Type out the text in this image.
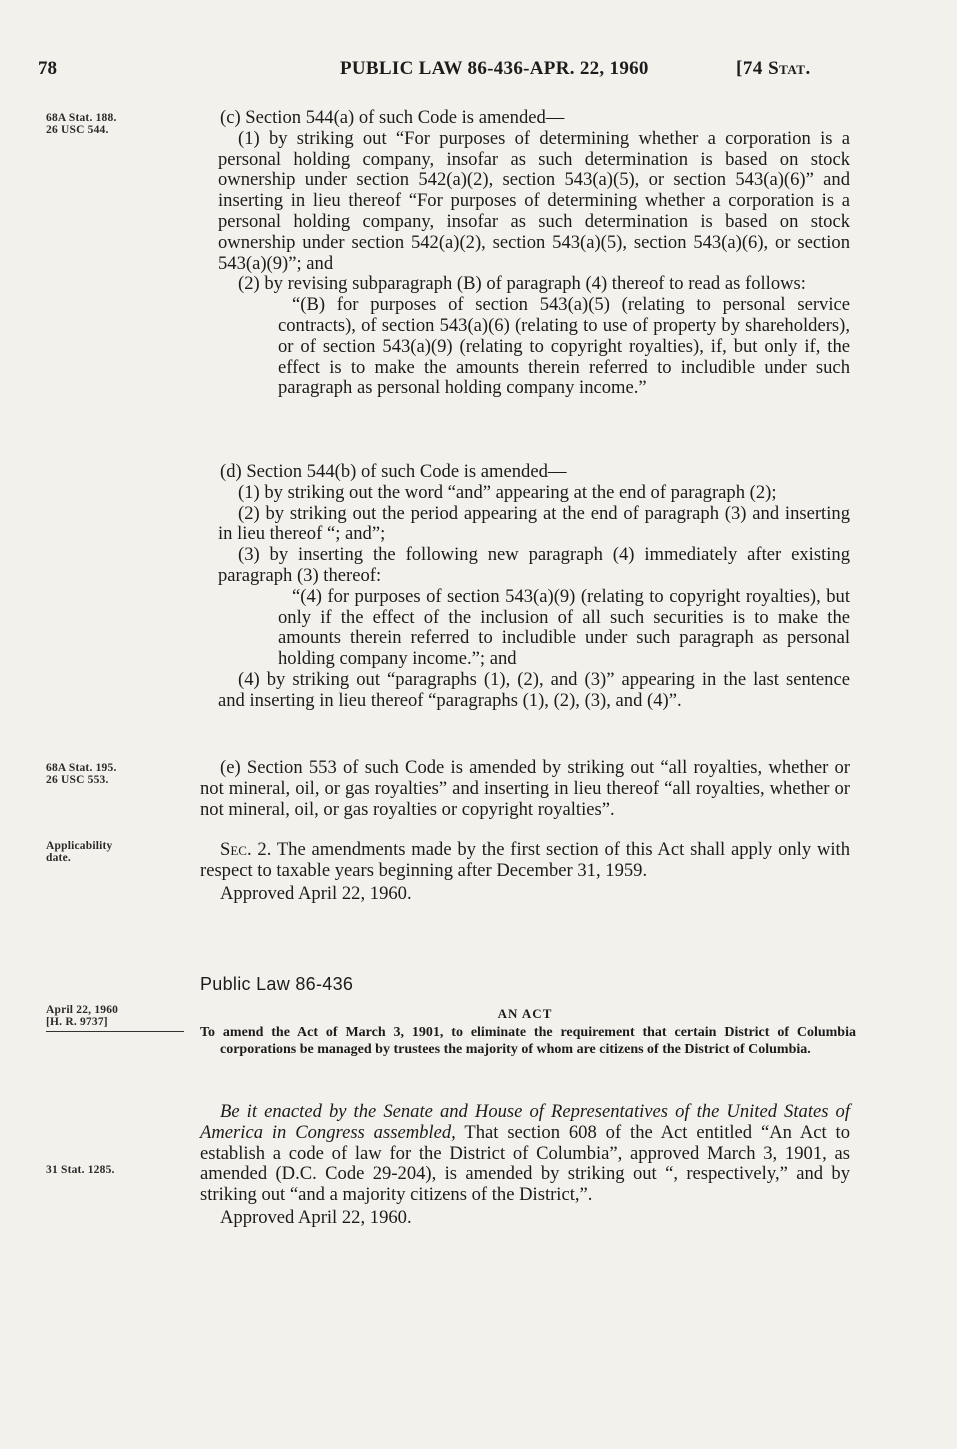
78	PUBLIC LAW 86-436-APR. 22, 1960	[74 Stat.
68A Stat. 188.
26 USC 544.
68A Stat. 195.
26 USC 553.
Applicability
date.
April 22, 1960
[H. R. 9737]
31 Stat. 1285.

(c) Section 544(a) of such Code is amended—

(1) by striking out “For purposes of determining whether a corporation is a personal holding company, insofar as such determination is based on stock ownership under section 542(a)(2), section 543(a)(5), or section 543(a)(6)” and inserting in lieu thereof “For purposes of determining whether a corporation is a personal holding company, insofar as such determination is based on stock ownership under section 542(a)(2), section 543(a)(5), section 543(a)(6), or section 543(a)(9)”; and

(2) by revising subparagraph (B) of paragraph (4) thereof to read as follows:

“(B) for purposes of section 543(a)(5) (relating to personal service contracts), of section 543(a)(6) (relating to use of property by shareholders), or of section 543(a)(9) (relating to copyright royalties), if, but only if, the effect is to make the amounts therein referred to includible under such paragraph as personal holding company income.”

(d) Section 544(b) of such Code is amended—

(1) by striking out the word “and” appearing at the end of paragraph (2);

(2) by striking out the period appearing at the end of paragraph (3) and inserting in lieu thereof “; and”;

(3) by inserting the following new paragraph (4) immediately after existing paragraph (3) thereof:

“(4) for purposes of section 543(a)(9) (relating to copyright royalties), but only if the effect of the inclusion of all such securities is to make the amounts therein referred to includible under such paragraph as personal holding company income.”; and

(4) by striking out “paragraphs (1), (2), and (3)” appearing in the last sentence and inserting in lieu thereof “paragraphs (1), (2), (3), and (4)”.

(e) Section 553 of such Code is amended by striking out “all royalties, whether or not mineral, oil, or gas royalties” and inserting in lieu thereof “all royalties, whether or not mineral, oil, or gas royalties or copyright royalties”.

Sec. 2. The amendments made by the first section of this Act shall apply only with respect to taxable years beginning after December 31, 1959.

Approved April 22, 1960.

Public Law 86-436
AN ACT

To amend the Act of March 3, 1901, to eliminate the requirement that certain District of Columbia corporations be managed by trustees the majority of whom are citizens of the District of Columbia.

Be it enacted by the Senate and House of Representatives of the United States of America in Congress assembled, That section 608 of the Act entitled “An Act to establish a code of law for the District of Columbia”, approved March 3, 1901, as amended (D.C. Code 29-204), is amended by striking out “, respectively,” and by striking out “and a majority citizens of the District,”.

Approved April 22, 1960.
